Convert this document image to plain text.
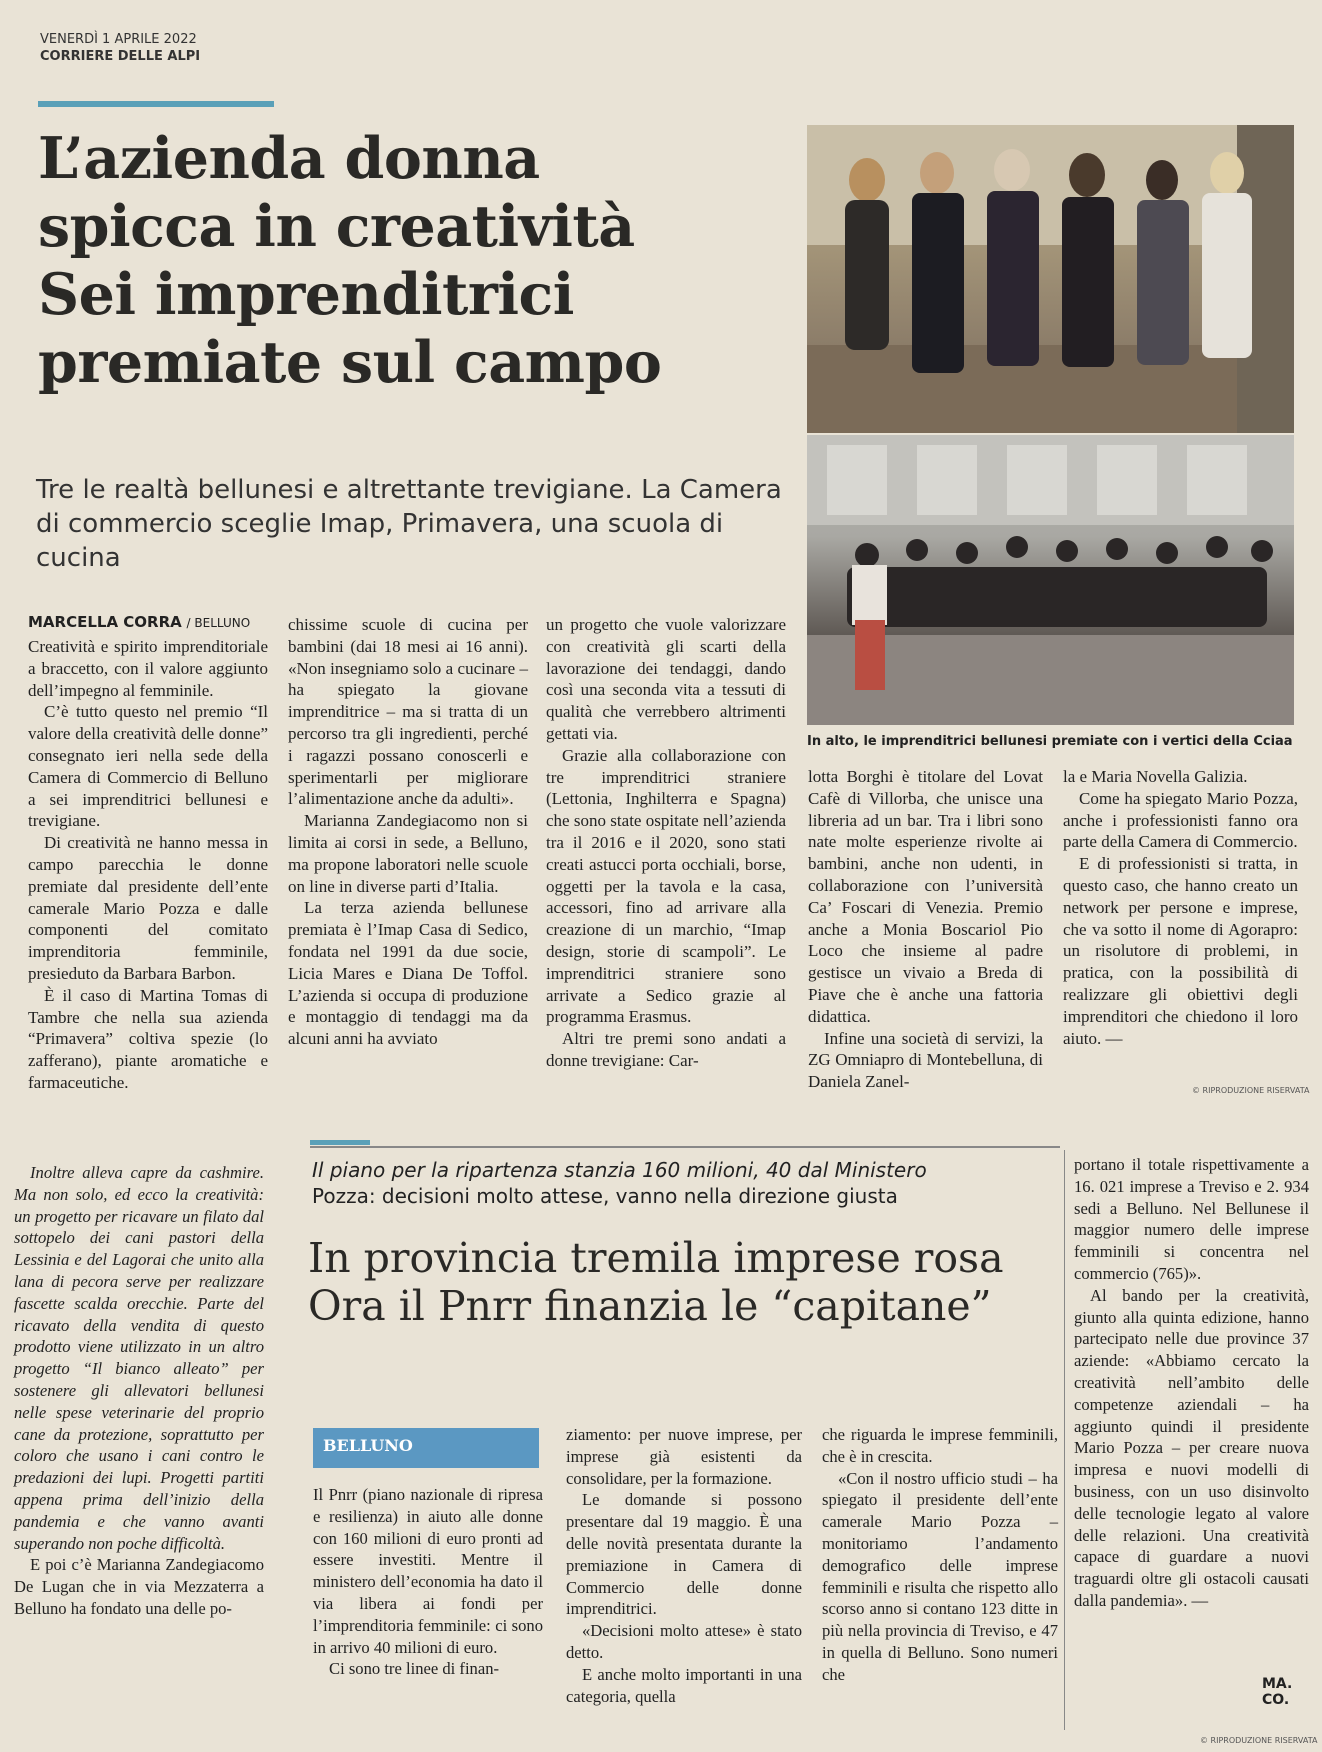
VENERDÌ 1 APRILE 2022
CORRIERE DELLE ALPI
L’azienda donna
spicca in creatività
Sei imprenditrici
premiate sul campo
Tre le realtà bellunesi e altrettante trevigiane. La Camera
di commercio sceglie Imap, Primavera, una scuola di cucina
In alto, le imprenditrici bellunesi premiate con i vertici della Cciaa
MARCELLA CORRA / BELLUNO

Creatività e spirito imprenditoriale a braccetto, con il valore aggiunto dell’impegno al femminile.

C’è tutto questo nel premio “Il valore della creatività delle donne” consegnato ieri nella sede della Camera di Commercio di Belluno a sei imprenditrici bellunesi e trevigiane.

Di creatività ne hanno messa in campo parecchia le donne premiate dal presidente dell’ente camerale Mario Pozza e dalle componenti del comitato imprenditoria femminile, presieduto da Barbara Barbon.

È il caso di Martina Tomas di Tambre che nella sua azienda “Primavera” coltiva spezie (lo zafferano), piante aromatiche e farmaceutiche.

Inoltre alleva capre da cashmire. Ma non solo, ed ecco la creatività: un progetto per ricavare un filato dal sottopelo dei cani pastori della Lessinia e del Lagorai che unito alla lana di pecora serve per realizzare fascette scalda orecchie. Parte del ricavato della vendita di questo prodotto viene utilizzato in un altro progetto “Il bianco alleato” per sostenere gli allevatori bellunesi nelle spese veterinarie del proprio cane da protezione, soprattutto per coloro che usano i cani contro le predazioni dei lupi. Progetti partiti appena prima dell’inizio della pandemia e che vanno avanti superando non poche difficoltà.

E poi c’è Marianna Zandegiacomo De Lugan che in via Mezzaterra a Belluno ha fondato una delle po-

chissime scuole di cucina per bambini (dai 18 mesi ai 16 anni). «Non insegniamo solo a cucinare – ha spiegato la giovane imprenditrice – ma si tratta di un percorso tra gli ingredienti, perché i ragazzi possano conoscerli e sperimentarli per migliorare l’alimentazione anche da adulti».

Marianna Zandegiacomo non si limita ai corsi in sede, a Belluno, ma propone laboratori nelle scuole on line in diverse parti d’Italia.

La terza azienda bellunese premiata è l’Imap Casa di Sedico, fondata nel 1991 da due socie, Licia Mares e Diana De Toffol. L’azienda si occupa di produzione e montaggio di tendaggi ma da alcuni anni ha avviato

un progetto che vuole valorizzare con creatività gli scarti della lavorazione dei tendaggi, dando così una seconda vita a tessuti di qualità che verrebbero altrimenti gettati via.

Grazie alla collaborazione con tre imprenditrici straniere (Lettonia, Inghilterra e Spagna) che sono state ospitate nell’azienda tra il 2016 e il 2020, sono stati creati astucci porta occhiali, borse, oggetti per la tavola e la casa, accessori, fino ad arrivare alla creazione di un marchio, “Imap design, storie di scampoli”. Le imprenditrici straniere sono arrivate a Sedico grazie al programma Erasmus.

Altri tre premi sono andati a donne trevigiane: Car-

lotta Borghi è titolare del Lovat Cafè di Villorba, che unisce una libreria ad un bar. Tra i libri sono nate molte esperienze rivolte ai bambini, anche non udenti, in collaborazione con l’università Ca’ Foscari di Venezia. Premio anche a Monia Boscariol Pio Loco che insieme al padre gestisce un vivaio a Breda di Piave che è anche una fattoria didattica.

Infine una società di servizi, la ZG Omniapro di Montebelluna, di Daniela Zanel-

la e Maria Novella Galizia.

Come ha spiegato Mario Pozza, anche i professionisti fanno ora parte della Camera di Commercio.

E di professionisti si tratta, in questo caso, che hanno creato un network per persone e imprese, che va sotto il nome di Agorapro: un risolutore di problemi, in pratica, con la possibilità di realizzare gli obiettivi degli imprenditori che chiedono il loro aiuto. —

© RIPRODUZIONE RISERVATA
Il piano per la ripartenza stanzia 160 milioni, 40 dal Ministero
Pozza: decisioni molto attese, vanno nella direzione giusta
In provincia tremila imprese rosa
Ora il Pnrr finanzia le “capitane”
BELLUNO

Il Pnrr (piano nazionale di ripresa e resilienza) in aiuto alle donne con 160 milioni di euro pronti ad essere investiti. Mentre il ministero dell’economia ha dato il via libera ai fondi per l’imprenditoria femminile: ci sono in arrivo 40 milioni di euro.

Ci sono tre linee di finan-

ziamento: per nuove imprese, per imprese già esistenti da consolidare, per la formazione.

Le domande si possono presentare dal 19 maggio. È una delle novità presentata durante la premiazione in Camera di Commercio delle donne imprenditrici.

«Decisioni molto attese» è stato detto.

E anche molto importanti in una categoria, quella

che riguarda le imprese femminili, che è in crescita.

«Con il nostro ufficio studi – ha spiegato il presidente dell’ente camerale Mario Pozza – monitoriamo l’andamento demografico delle imprese femminili e risulta che rispetto allo scorso anno si contano 123 ditte in più nella provincia di Treviso, e 47 in quella di Belluno. Sono numeri che

portano il totale rispettivamente a 16. 021 imprese a Treviso e 2. 934 sedi a Belluno. Nel Bellunese il maggior numero delle imprese femminili si concentra nel commercio (765)».

Al bando per la creatività, giunto alla quinta edizione, hanno partecipato nelle due province 37 aziende: «Abbiamo cercato la creatività nell’ambito delle competenze aziendali – ha aggiunto quindi il presidente Mario Pozza – per creare nuova impresa e nuovi modelli di business, con un uso disinvolto delle tecnologie legato al valore delle relazioni. Una creatività capace di guardare a nuovi traguardi oltre gli ostacoli causati dalla pandemia». —

MA. CO.
© RIPRODUZIONE RISERVATA
